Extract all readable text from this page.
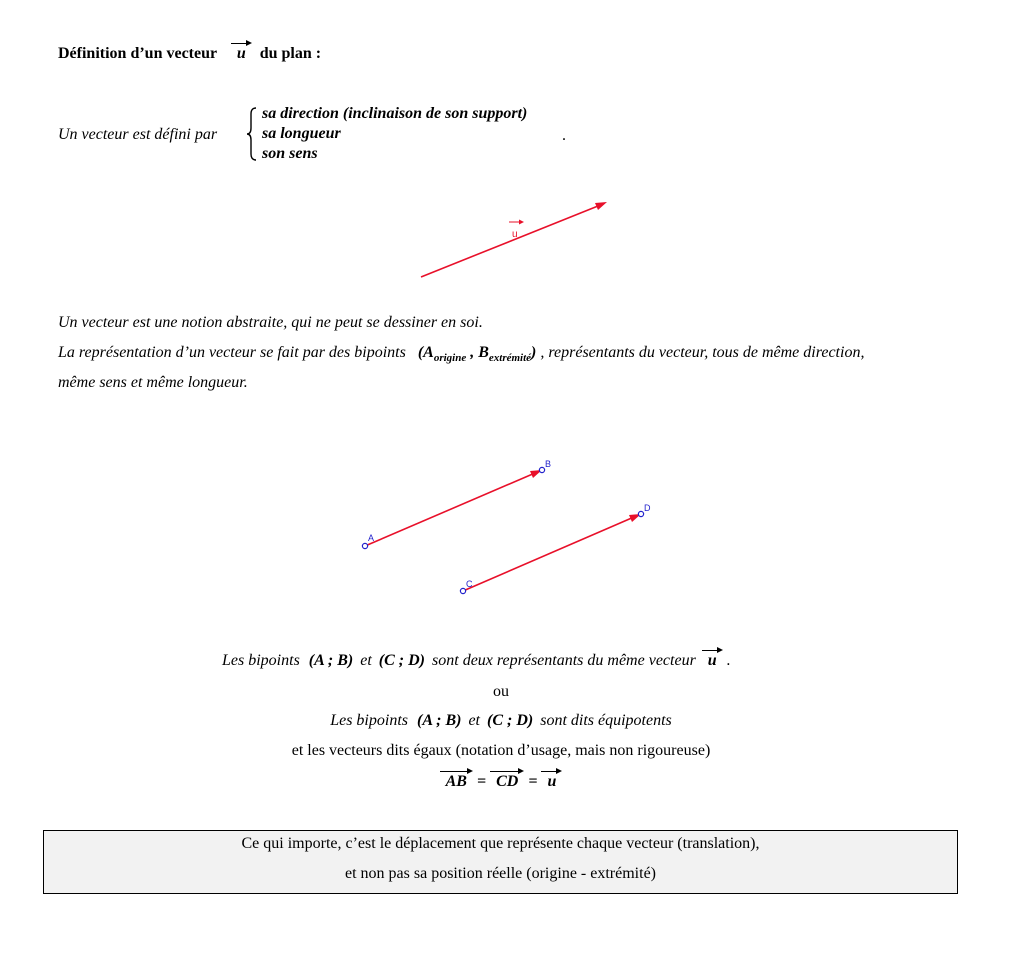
Définition d’un vecteur u du plan :
Un vecteur est défini par
sa direction (inclinaison de son support)
sa longueur
son sens
.
u
Un vecteur est une notion abstraite, qui ne peut se dessiner en soi.
La représentation d’un vecteur se fait par des bipoints ($A_{origine}$ , $B_{extrémité}$) , représentants du vecteur, tous de même direction,
même sens et même longueur.
A
B
C
D
Les bipoints (A ; B) et (C ; D) sont deux représentants du même vecteur u .
ou
Les bipoints (A ; B) et (C ; D) sont dits équipotents
et les vecteurs dits égaux (notation d’usage, mais non rigoureuse)
AB = CD = u
Ce qui importe, c’est le déplacement que représente chaque vecteur (translation),
et non pas sa position réelle (origine - extrémité)
